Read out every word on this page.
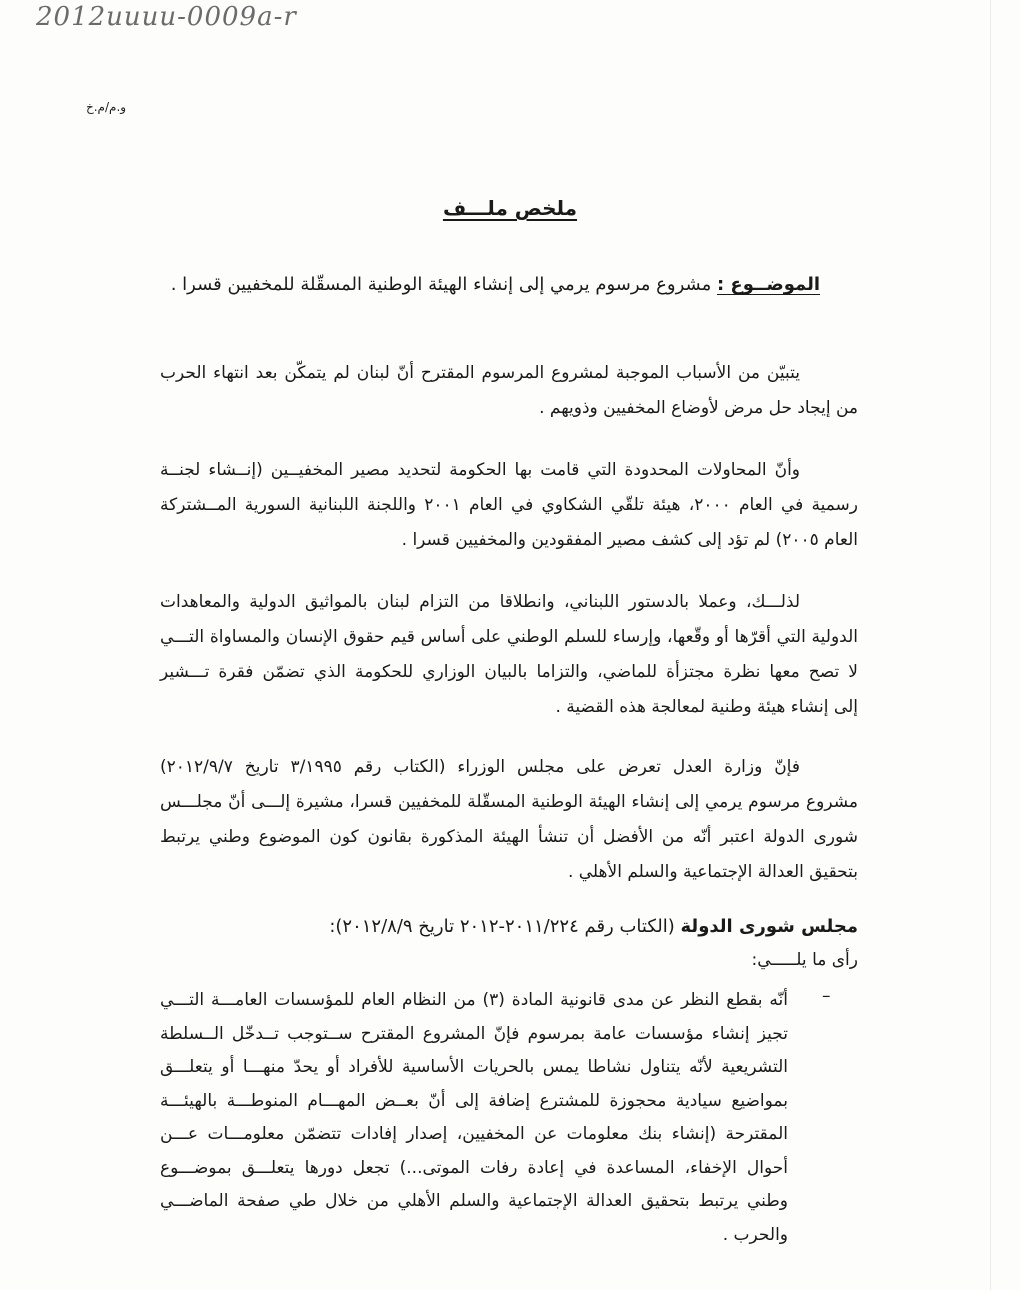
2012uuuu-0009a-r
و.م/م.خ
ملخص ملـــف
الموضــوع : مشروع مرسوم يرمي إلى إنشاء الهيئة الوطنية المسقّلة للمخفيين قسرا .
يتبيّن من الأسباب الموجبة لمشروع المرسوم المقترح أنّ لبنان لم يتمكّن بعد انتهاء الحرب
من إيجاد حل مرض لأوضاع المخفيين وذويهم .
وأنّ المحاولات المحدودة التي قامت بها الحكومة لتحديد مصير المخفيــين (إنــشاء لجنــة
رسمية في العام ٢٠٠٠، هيئة تلقّي الشكاوي في العام ٢٠٠١ واللجنة اللبنانية السورية المــشتركة
العام ٢٠٠٥) لم تؤد إلى كشف مصير المفقودين والمخفيين قسرا .
لذلـــك، وعملا بالدستور اللبناني، وانطلاقا من التزام لبنان بالمواثيق الدولية والمعاهدات
الدولية التي أقرّها أو وقّعها، وإرساء للسلم الوطني على أساس قيم حقوق الإنسان والمساواة التـــي
لا تصح معها نظرة مجتزأة للماضي، والتزاما بالبيان الوزاري للحكومة الذي تضمّن فقرة تـــشير
إلى إنشاء هيئة وطنية لمعالجة هذه القضية .
فإنّ وزارة العدل تعرض على مجلس الوزراء (الكتاب رقم ٣/١٩٩٥ تاريخ ٢٠١٢/٩/٧)
مشروع مرسوم يرمي إلى إنشاء الهيئة الوطنية المسقّلة للمخفيين قسرا، مشيرة إلـــى أنّ مجلـــس
شورى الدولة اعتبر أنّه من الأفضل أن تنشأ الهيئة المذكورة بقانون كون الموضوع وطني يرتبط
بتحقيق العدالة الإجتماعية والسلم الأهلي .
مجلس شورى الدولة (الكتاب رقم ٢٠١١/٢٢٤-٢٠١٢ تاريخ ٢٠١٢/٨/٩):
رأى ما يلـــــي:
–
أنّه بقطع النظر عن مدى قانونية المادة (٣) من النظام العام للمؤسسات العامـــة التـــي
تجيز إنشاء مؤسسات عامة بمرسوم فإنّ المشروع المقترح ســتوجب تــدخّل الــسلطة
التشريعية لأنّه يتناول نشاطا يمس بالحريات الأساسية للأفراد أو يحدّ منهـــا أو يتعلـــق
بمواضيع سيادية محجوزة للمشترع إضافة إلى أنّ بعــض المهـــام المنوطـــة بالهيئـــة
المقترحة (إنشاء بنك معلومات عن المخفيين، إصدار إفادات تتضمّن معلومـــات عـــن
أحوال الإخفاء، المساعدة في إعادة رفات الموتى...) تجعل دورها يتعلـــق بموضـــوع
وطني يرتبط بتحقيق العدالة الإجتماعية والسلم الأهلي من خلال طي صفحة الماضـــي
والحرب .
